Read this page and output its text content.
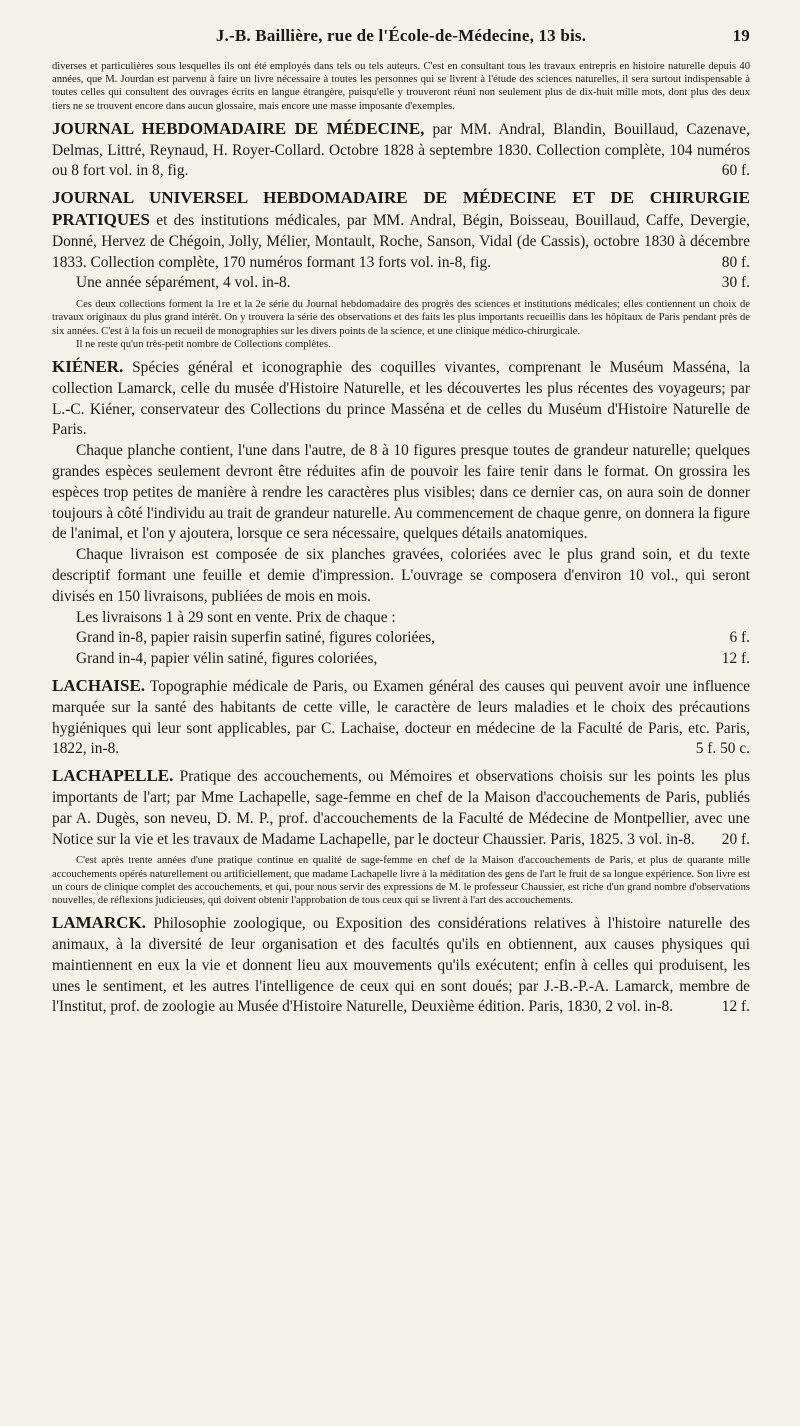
J.-B. Baillière, rue de l'École-de-Médecine, 13 bis.	19
diverses et particulières sous lesquelles ils ont été employés dans tels ou tels auteurs. C'est en consultant tous les travaux entrepris en histoire naturelle depuis 40 années, que M. Jourdan est parvenu à faire un livre nécessaire à toutes les personnes qui se livrent à l'étude des sciences naturelles, il sera surtout indispensable à toutes celles qui consultent des ouvrages écrits en langue étrangère, puisqu'elle y trouveront réuni non seulement plus de dix-huit mille mots, dont plus des deux tiers ne se trouvent encore dans aucun glossaire, mais encore une masse imposante d'exemples.
JOURNAL HEBDOMADAIRE DE MÉDECINE, par MM. Andral, Blandin, Bouillaud, Cazenave, Delmas, Littré, Reynaud, H. Royer-Collard. Octobre 1828 à septembre 1830. Collection complète, 104 numéros ou 8 fort vol. in 8, fig.	60 f.
JOURNAL UNIVERSEL HEBDOMADAIRE DE MÉDECINE ET DE CHIRURGIE PRATIQUES et des institutions médicales, par MM. Andral, Bégin, Boisseau, Bouillaud, Caffe, Devergie, Donné, Hervez de Chégoin, Jolly, Mélier, Montault, Roche, Sanson, Vidal (de Cassis), octobre 1830 à décembre 1833. Collection complète, 170 numéros formant 13 forts vol. in-8, fig.	80 f.
Une année séparément, 4 vol. in-8.	30 f.
Ces deux collections forment la 1re et la 2e série du Journal hebdomadaire des progrès des sciences et institutions médicales; elles contiennent un choix de travaux originaux du plus grand intérêt. On y trouvera la série des observations et des faits les plus importants recueillis dans les hôpitaux de Paris pendant près de six années. C'est à la fois un recueil de monographies sur les divers points de la science, et une clinique médico-chirurgicale.
Il ne reste qu'un très-petit nombre de Collections complètes.
KIÉNER. Spécies général et iconographie des coquilles vivantes, comprenant le Muséum Masséna, la collection Lamarck, celle du musée d'Histoire Naturelle, et les découvertes les plus récentes des voyageurs; par L.-C. Kiéner, conservateur des Collections du prince Masséna et de celles du Muséum d'Histoire Naturelle de Paris.
Chaque planche contient, l'une dans l'autre, de 8 à 10 figures presque toutes de grandeur naturelle; quelques grandes espèces seulement devront être réduites afin de pouvoir les faire tenir dans le format. On grossira les espèces trop petites de manière à rendre les caractères plus visibles; dans ce dernier cas, on aura soin de donner toujours à côté l'individu au trait de grandeur naturelle. Au commencement de chaque genre, on donnera la figure de l'animal, et l'on y ajoutera, lorsque ce sera nécessaire, quelques détails anatomiques.
Chaque livraison est composée de six planches gravées, coloriées avec le plus grand soin, et du texte descriptif formant une feuille et demie d'impression. L'ouvrage se composera d'environ 10 vol., qui seront divisés en 150 livraisons, publiées de mois en mois.
Les livraisons 1 à 29 sont en vente. Prix de chaque :
Grand in-8, papier raisin superfin satiné, figures coloriées,	6 f.
Grand in-4, papier vélin satiné, figures coloriées,	12 f.
LACHAISE. Topographie médicale de Paris, ou Examen général des causes qui peuvent avoir une influence marquée sur la santé des habitants de cette ville, le caractère de leurs maladies et le choix des précautions hygiéniques qui leur sont applicables, par C. Lachaise, docteur en médecine de la Faculté de Paris, etc. Paris, 1822, in-8.	5 f. 50 c.
LACHAPELLE. Pratique des accouchements, ou Mémoires et observations choisis sur les points les plus importants de l'art; par Mme Lachapelle, sage-femme en chef de la Maison d'accouchements de Paris, publiés par A. Dugès, son neveu, D. M. P., prof. d'accouchements de la Faculté de Médecine de Montpellier, avec une Notice sur la vie et les travaux de Madame Lachapelle, par le docteur Chaussier. Paris, 1825. 3 vol. in-8. 20 f.
C'est après trente années d'une pratique continue en qualité de sage-femme en chef de la Maison d'accouchements de Paris, et plus de quarante mille accouchements opérés naturellement ou artificiellement, que madame Lachapelle livre à la méditation des gens de l'art le fruit de sa longue expérience. Son livre est un cours de clinique complet des accouchements, et qui, pour nous servir des expressions de M. le professeur Chaussier, est riche d'un grand nombre d'observations nouvelles, de réflexions judicieuses, qui doivent obtenir l'approbation de tous ceux qui se livrent à l'art des accouchements.
LAMARCK. Philosophie zoologique, ou Exposition des considérations relatives à l'histoire naturelle des animaux, à la diversité de leur organisation et des facultés qu'ils en obtiennent, aux causes physiques qui maintiennent en eux la vie et donnent lieu aux mouvements qu'ils exécutent; enfin à celles qui produisent, les unes le sentiment, et les autres l'intelligence de ceux qui en sont doués; par J.-B.-P.-A. Lamarck, membre de l'Institut, prof. de zoologie au Musée d'Histoire Naturelle, Deuxième édition. Paris, 1830, 2 vol. in-8.	12 f.
